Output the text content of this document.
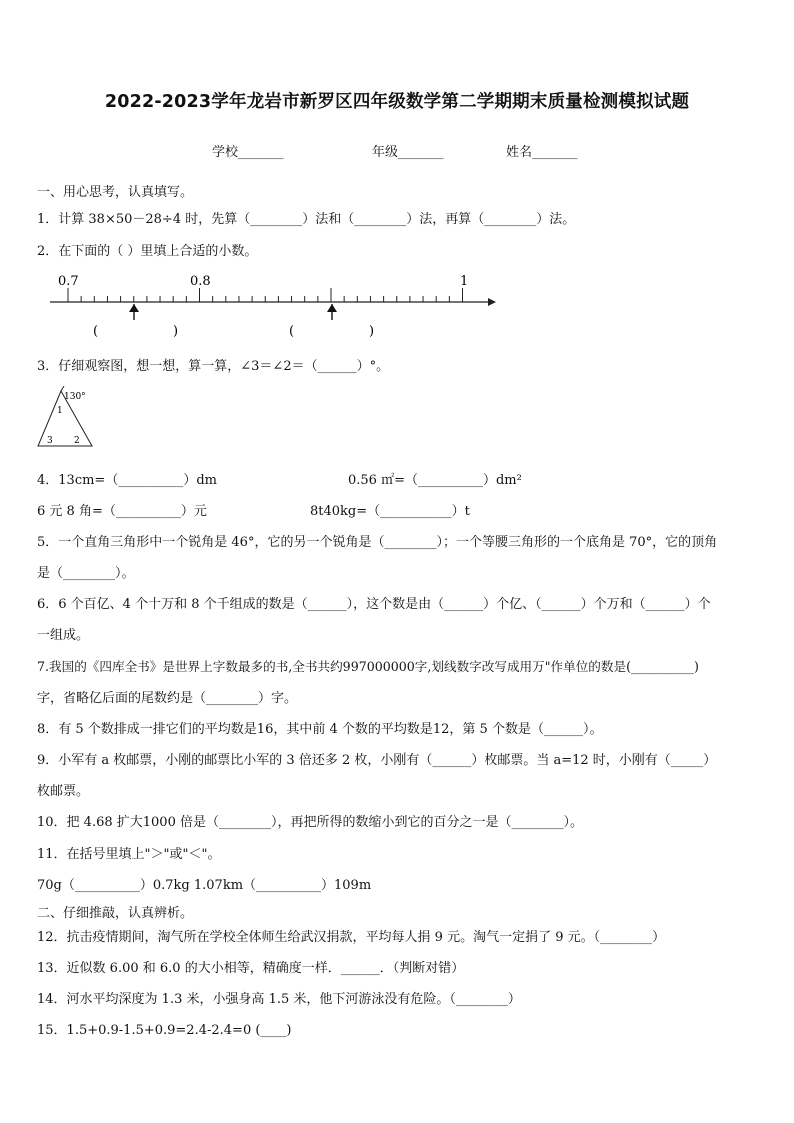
2022-2023学年龙岩市新罗区四年级数学第二学期期末质量检测模拟试题
学校_______	年级_______	姓名_______
一、用心思考，认真填写。
1．计算 38×50－28÷4 时，先算（________）法和（________）法，再算（________）法。
2．在下面的（ ）里填上合适的小数。
0.7	0.8	1
(	)	(	)
3．仔细观察图，想一想，算一算，∠3＝∠2＝（______）°。
130°
1
3 2
4．13cm=（__________）dm	0.56 ㎡=（__________）dm²
6 元 8 角=（__________）元	8t40kg=（___________）t
5．一个直角三角形中一个锐角是 46°，它的另一个锐角是（________）；一个等腰三角形的一个底角是 70°，它的顶角
是（________）。
6．6 个百亿、4 个十万和 8 个千组成的数是（______），这个数是由（______）个亿、（______）个万和（______）个
一组成。
7.我国的《四库全书》是世界上字数最多的书,全书共约997000000字,划线数字改写成用万"作单位的数是(__________)
字，省略亿后面的尾数约是（________）字。
8．有 5 个数排成一排它们的平均数是16，其中前 4 个数的平均数是12，第 5 个数是（______）。
9．小军有 a 枚邮票，小刚的邮票比小军的 3 倍还多 2 枚，小刚有（______）枚邮票。当 a=12 时，小刚有（_____）
枚邮票。
10．把 4.68 扩大1000 倍是（________），再把所得的数缩小到它的百分之一是（________）。
11．在括号里填上"＞"或"＜"。
70g（__________）0.7kg 1.07km（__________）109m
二、仔细推敲，认真辨析。
12．抗击疫情期间，淘气所在学校全体师生给武汉捐款，平均每人捐 9 元。淘气一定捐了 9 元。（________）
13．近似数 6.00 和 6.0 的大小相等，精确度一样．______．（判断对错）
14．河水平均深度为 1.3 米，小强身高 1.5 米，他下河游泳没有危险。（________）
15．1.5+0.9-1.5+0.9=2.4-2.4=0 (____)
